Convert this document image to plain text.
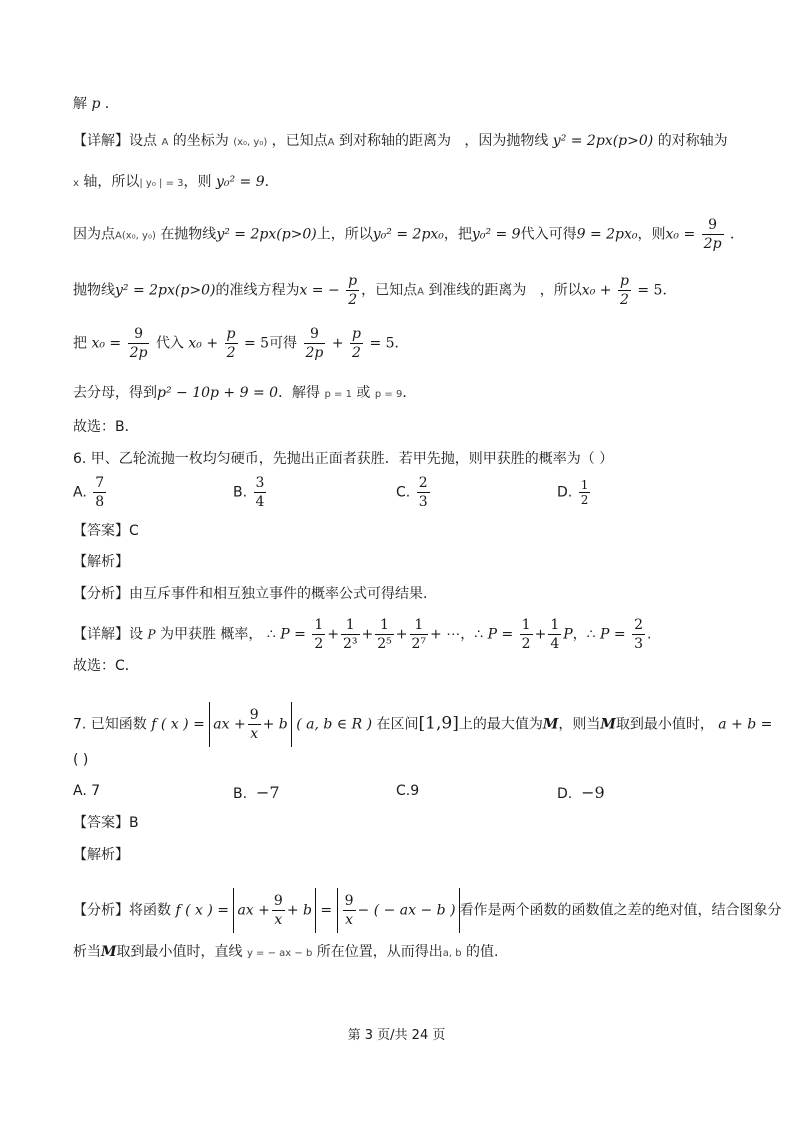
解 p ．
【详解】设点 A 的坐标为 (x₀, y₀) ，已知点A 到对称轴的距离为 ，因为抛物线 y² = 2px(p>0) 的对称轴为
x 轴，所以| y₀ | = 3，则 y₀² = 9．
因为点A(x₀, y₀) 在抛物线y² = 2px(p>0)上，所以y₀² = 2px₀，把y₀² = 9代入可得9 = 2px₀，则$x_0 = \frac{9}{2p}$ ．
抛物线y² = 2px(p>0)的准线方程为x = − $\frac{p}{2}$ ，已知点A 到准线的距离为 ，所以$x_0 + \frac{p}{2} = 5$．
把 $x_0 = \frac{9}{2p}$ 代入 $x_0 + \frac{p}{2} = 5$可得 $\frac{9}{2p} + \frac{p}{2} = 5$．
去分母，得到p² − 10p + 9 = 0．解得 p = 1 或 p = 9．
故选：B．
6. 甲、乙轮流抛一枚均匀硬币，先抛出正面者获胜．若甲先抛，则甲获胜的概率为（ ）
A. $\frac{7}{8}$	B. $\frac{3}{4}$	C. $\frac{2}{3}$	D. $\frac{1}{2}$
【答案】C
【解析】
【分析】由互斥事件和相互独立事件的概率公式可得结果.
【详解】设 P 为甲获胜 概率， ∴ $P = \frac{1}{2} + \frac{1}{\text{2³}} + \frac{1}{\text{2⁵}} + \frac{1}{\text{2⁷}}$ + ⋯，∴ $P = \frac{1}{2} + \frac{1}{4}$ P，∴ $P = \frac{2}{3}$ .
故选：C．
7. 已知函数 f ( x ) = ax + $\frac{9}{x} + b$ ( a, b ∈ R ) 在区间[1,9]上的最大值为M，则当M取到最小值时， a + b =
( )
A. 7	B. −7	C.9	D. −9
【答案】B
【解析】
【分析】将函数 f ( x ) = ax + $\frac{9}{x} + b = \frac{9}{x}$ − ( − ax − b ) 看作是两个函数的函数值之差的绝对值，结合图象分
析当M取到最小值时，直线 y = − ax − b 所在位置，从而得出a, b 的值.
第 3 页/共 24 页
